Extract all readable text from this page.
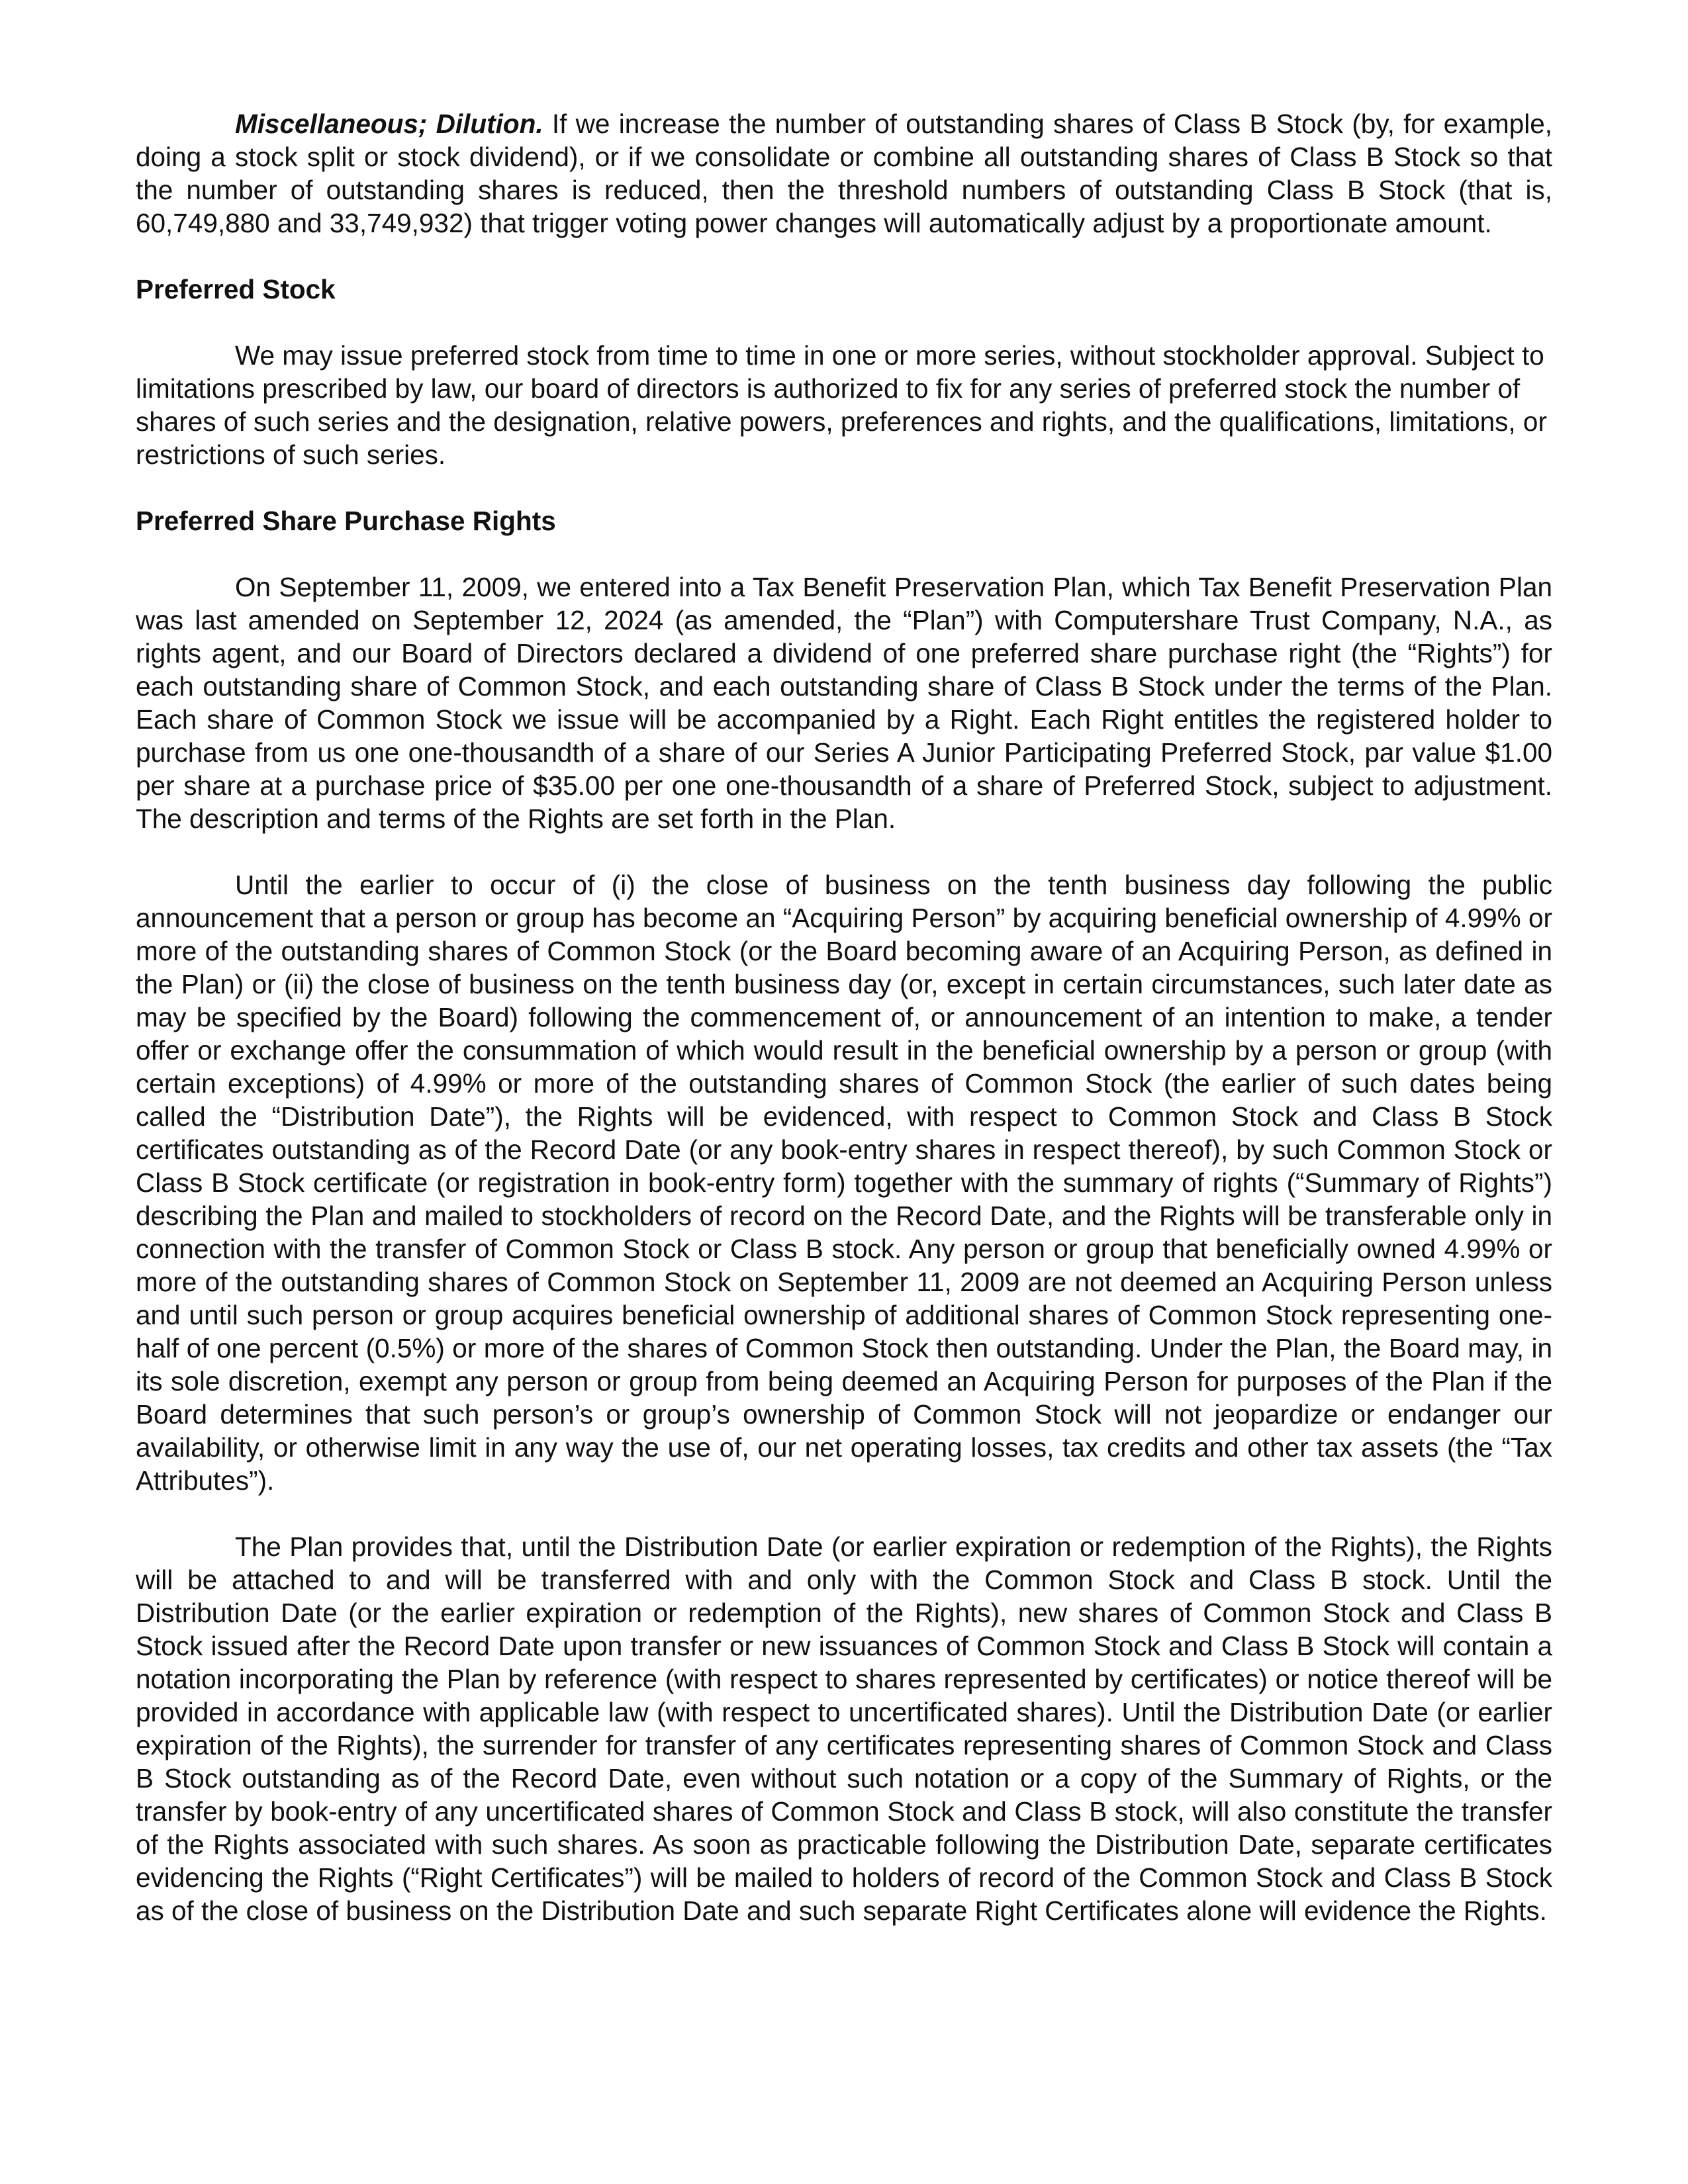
Miscellaneous; Dilution. If we increase the number of outstanding shares of Class B Stock (by, for example, doing a stock split or stock dividend), or if we consolidate or combine all outstanding shares of Class B Stock so that the number of outstanding shares is reduced, then the threshold numbers of outstanding Class B Stock (that is, 60,749,880 and 33,749,932) that trigger voting power changes will automatically adjust by a proportionate amount.

Preferred Stock

We may issue preferred stock from time to time in one or more series, without stockholder approval. Subject to limitations prescribed by law, our board of directors is authorized to fix for any series of preferred stock the number of shares of such series and the designation, relative powers, preferences and rights, and the qualifications, limitations, or restrictions of such series.

Preferred Share Purchase Rights

On September 11, 2009, we entered into a Tax Benefit Preservation Plan, which Tax Benefit Preservation Plan was last amended on September 12, 2024 (as amended, the “Plan”) with Computershare Trust Company, N.A., as rights agent, and our Board of Directors declared a dividend of one preferred share purchase right (the “Rights”) for each outstanding share of Common Stock, and each outstanding share of Class B Stock under the terms of the Plan. Each share of Common Stock we issue will be accompanied by a Right. Each Right entitles the registered holder to purchase from us one one-thousandth of a share of our Series A Junior Participating Preferred Stock, par value $1.00 per share at a purchase price of $35.00 per one one-thousandth of a share of Preferred Stock, subject to adjustment. The description and terms of the Rights are set forth in the Plan.

Until the earlier to occur of (i) the close of business on the tenth business day following the public announcement that a person or group has become an “Acquiring Person” by acquiring beneficial ownership of 4.99% or more of the outstanding shares of Common Stock (or the Board becoming aware of an Acquiring Person, as defined in the Plan) or (ii) the close of business on the tenth business day (or, except in certain circumstances, such later date as may be specified by the Board) following the commencement of, or announcement of an intention to make, a tender offer or exchange offer the consummation of which would result in the beneficial ownership by a person or group (with certain exceptions) of 4.99% or more of the outstanding shares of Common Stock (the earlier of such dates being called the “Distribution Date”), the Rights will be evidenced, with respect to Common Stock and Class B Stock certificates outstanding as of the Record Date (or any book-entry shares in respect thereof), by such Common Stock or Class B Stock certificate (or registration in book-entry form) together with the summary of rights (“Summary of Rights”) describing the Plan and mailed to stockholders of record on the Record Date, and the Rights will be transferable only in connection with the transfer of Common Stock or Class B stock. Any person or group that beneficially owned 4.99% or more of the outstanding shares of Common Stock on September 11, 2009 are not deemed an Acquiring Person unless and until such person or group acquires beneficial ownership of additional shares of Common Stock representing one-half of one percent (0.5%) or more of the shares of Common Stock then outstanding. Under the Plan, the Board may, in its sole discretion, exempt any person or group from being deemed an Acquiring Person for purposes of the Plan if the Board determines that such person’s or group’s ownership of Common Stock will not jeopardize or endanger our availability, or otherwise limit in any way the use of, our net operating losses, tax credits and other tax assets (the “Tax Attributes”).

The Plan provides that, until the Distribution Date (or earlier expiration or redemption of the Rights), the Rights will be attached to and will be transferred with and only with the Common Stock and Class B stock. Until the Distribution Date (or the earlier expiration or redemption of the Rights), new shares of Common Stock and Class B Stock issued after the Record Date upon transfer or new issuances of Common Stock and Class B Stock will contain a notation incorporating the Plan by reference (with respect to shares represented by certificates) or notice thereof will be provided in accordance with applicable law (with respect to uncertificated shares). Until the Distribution Date (or earlier expiration of the Rights), the surrender for transfer of any certificates representing shares of Common Stock and Class B Stock outstanding as of the Record Date, even without such notation or a copy of the Summary of Rights, or the transfer by book-entry of any uncertificated shares of Common Stock and Class B stock, will also constitute the transfer of the Rights associated with such shares. As soon as practicable following the Distribution Date, separate certificates evidencing the Rights (“Right Certificates”) will be mailed to holders of record of the Common Stock and Class B Stock as of the close of business on the Distribution Date and such separate Right Certificates alone will evidence the Rights.
